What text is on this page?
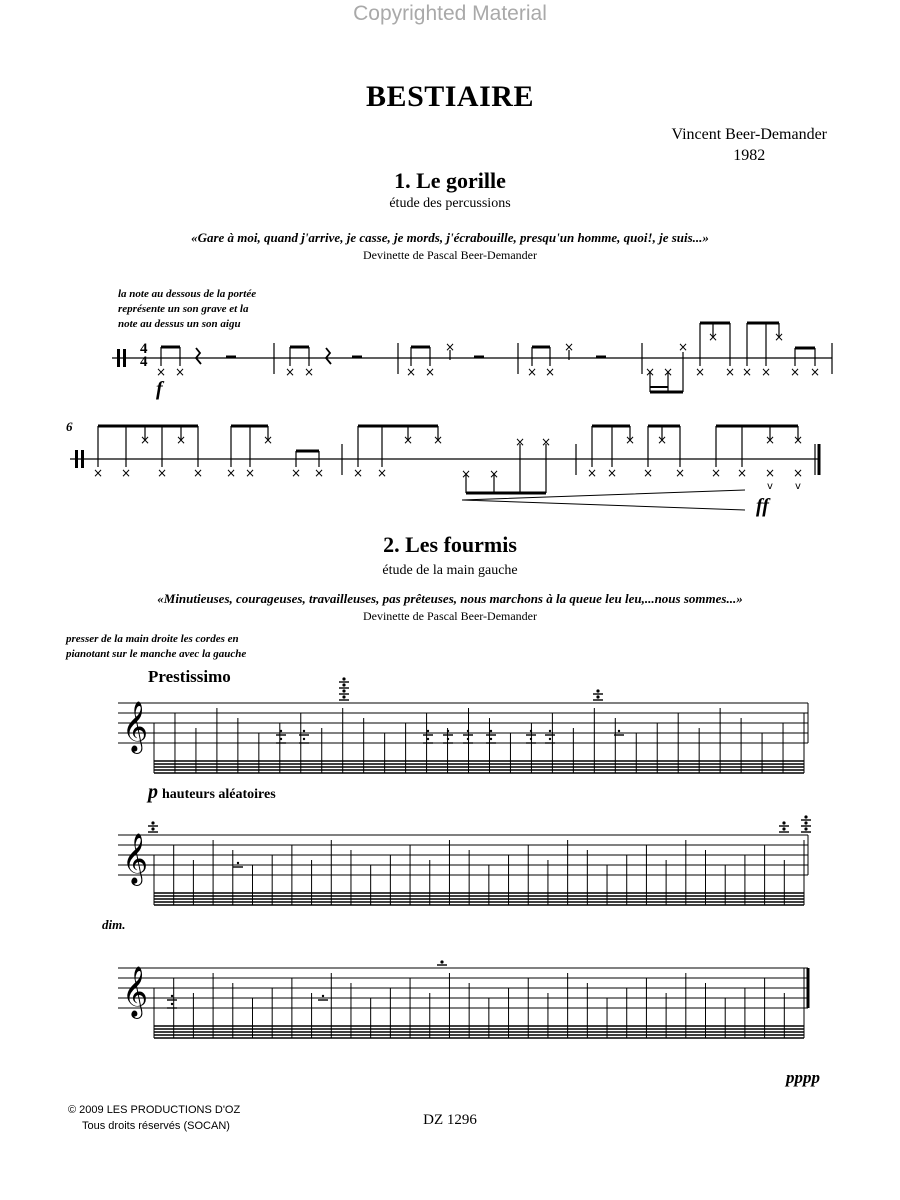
Copyrighted Material
BESTIAIRE
Vincent Beer-Demander
1982
1. Le gorille
étude des percussions
«Gare à moi, quand j'arrive, je casse, je mords, j'écrabouille, presqu'un homme, quoi!, je suis...»
Devinette de Pascal Beer-Demander
la note au dessous de la portée
représente un son grave et la
note au dessus un son aigu
2. Les fourmis
étude de la main gauche
«Minutieuses, courageuses, travailleuses, pas prêteuses, nous marchons à la queue leu leu,...nous sommes...»
Devinette de Pascal Beer-Demander
presser de la main droite les cordes en
pianotant sur le manche avec la gauche
× ×	× ×	× ×
×
× ×
×
× ×
×
×
×
× × ×
×
× ×
× ×
×
×
×
× × ×
×
× × × ×
× ×
× ×
× ×
× ×
×
×
×
× × ×
× ×
× ×
v v
𝄞
𝄞
𝄞
4
4
6
f
ff
Prestissimo
p hauteurs aléatoires
dim.
pppp
© 2009 LES PRODUCTIONS D'OZ
Tous droits réservés (SOCAN)	DZ 1296
